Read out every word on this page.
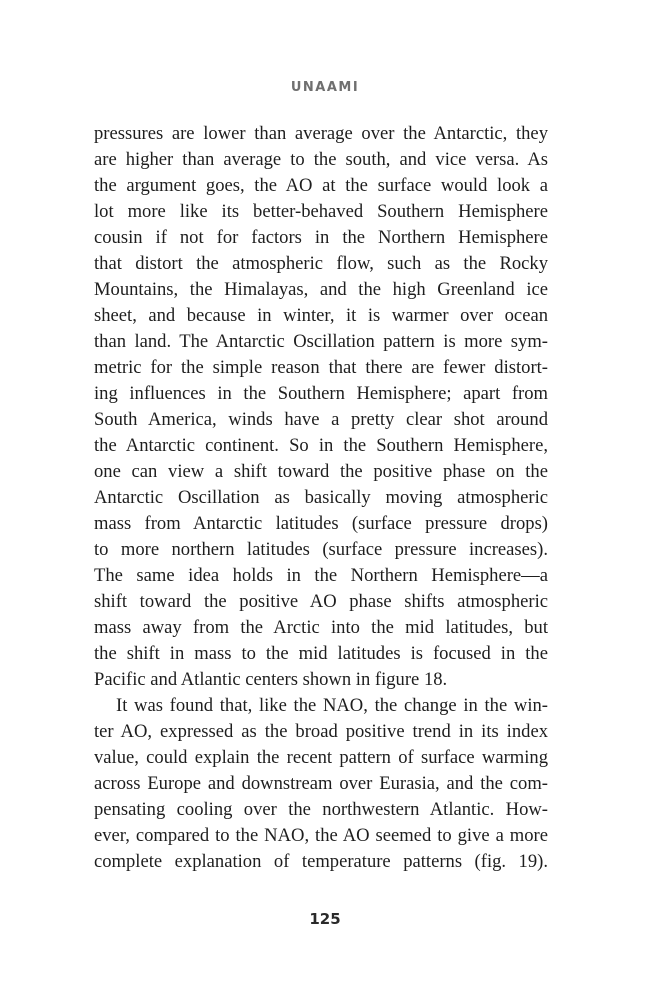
UNAAMI
pressures are lower than average over the Antarctic, they
are higher than average to the south, and vice versa. As
the argument goes, the AO at the surface would look a
lot more like its better-behaved Southern Hemisphere
cousin if not for factors in the Northern Hemisphere
that distort the atmospheric flow, such as the Rocky
Mountains, the Himalayas, and the high Greenland ice
sheet, and because in winter, it is warmer over ocean
than land. The Antarctic Oscillation pattern is more sym-
metric for the simple reason that there are fewer distort-
ing influences in the Southern Hemisphere; apart from
South America, winds have a pretty clear shot around
the Antarctic continent. So in the Southern Hemisphere,
one can view a shift toward the positive phase on the
Antarctic Oscillation as basically moving atmospheric
mass from Antarctic latitudes (surface pressure drops)
to more northern latitudes (surface pressure increases).
The same idea holds in the Northern Hemisphere—a
shift toward the positive AO phase shifts atmospheric
mass away from the Arctic into the mid latitudes, but
the shift in mass to the mid latitudes is focused in the
Pacific and Atlantic centers shown in figure 18.
It was found that, like the NAO, the change in the win-
ter AO, expressed as the broad positive trend in its index
value, could explain the recent pattern of surface warming
across Europe and downstream over Eurasia, and the com-
pensating cooling over the northwestern Atlantic. How-
ever, compared to the NAO, the AO seemed to give a more
complete explanation of temperature patterns (fig. 19).
125
